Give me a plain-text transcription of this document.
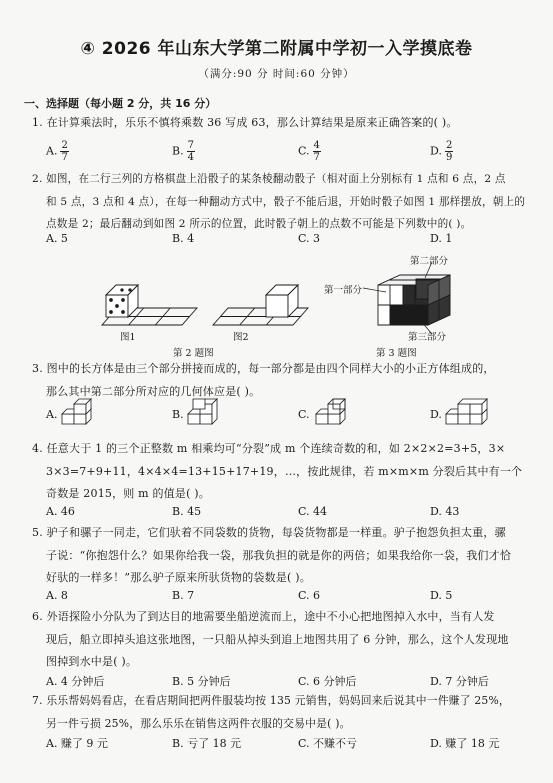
④ 2026 年山东大学第二附属中学初一入学摸底卷
（满分:90 分 时间:60 分钟）
一、选择题（每小题 2 分，共 16 分）
1. 在计算乘法时，乐乐不慎将乘数 36 写成 63，那么计算结果是原来正确答案的( )。
A. $\frac{2}{7}$	B. $\frac{7}{4}$	C. $\frac{4}{7}$	D. $\frac{2}{9}$
2. 如图，在二行三列的方格棋盘上沿骰子的某条棱翻动骰子（相对面上分别标有 1 点和 6 点，2 点
和 5 点，3 点和 4 点），在每一种翻动方式中，骰子不能后退，开始时骰子如图 1 那样摆放，朝上的
点数是 2；最后翻动到如图 2 所示的位置，此时骰子朝上的点数不可能是下列数中的( )。
A. 5	B. 4	C. 3	D. 1
图1	图2
第 2 题图	第 3 题图
第一部分
第二部分
第三部分
3. 图中的长方体是由三个部分拼接而成的，每一部分都是由四个同样大小的小正方体组成的，
那么其中第二部分所对应的几何体应是( )。
A.	B.	C.	D.
4. 任意大于 1 的三个正整数 m 相乘均可“分裂”成 m 个连续奇数的和，如 2×2×2=3+5，3×
3×3=7+9+11，4×4×4=13+15+17+19，…，按此规律，若 m×m×m 分裂后其中有一个
奇数是 2015，则 m 的值是( )。
A. 46	B. 45	C. 44	D. 43
5. 驴子和骡子一同走，它们驮着不同袋数的货物，每袋货物都是一样重。驴子抱怨负担太重，骡
子说：“你抱怨什么？如果你给我一袋，那我负担的就是你的两倍；如果我给你一袋，我们才恰
好驮的一样多！”那么驴子原来所驮货物的袋数是( )。
A. 8	B. 7	C. 6	D. 5
6. 外语探险小分队为了到达目的地需要坐船逆流而上，途中不小心把地图掉入水中，当有人发
现后，船立即掉头追这张地图，一只船从掉头到追上地图共用了 6 分钟，那么，这个人发现地
图掉到水中是( )。
A. 4 分钟后	B. 5 分钟后	C. 6 分钟后	D. 7 分钟后
7. 乐乐帮妈妈看店，在看店期间把两件服装均按 135 元销售，妈妈回来后说其中一件赚了 25%，
另一件亏损 25%，那么乐乐在销售这两件衣服的交易中是( )。
A. 赚了 9 元	B. 亏了 18 元	C. 不赚不亏	D. 赚了 18 元
